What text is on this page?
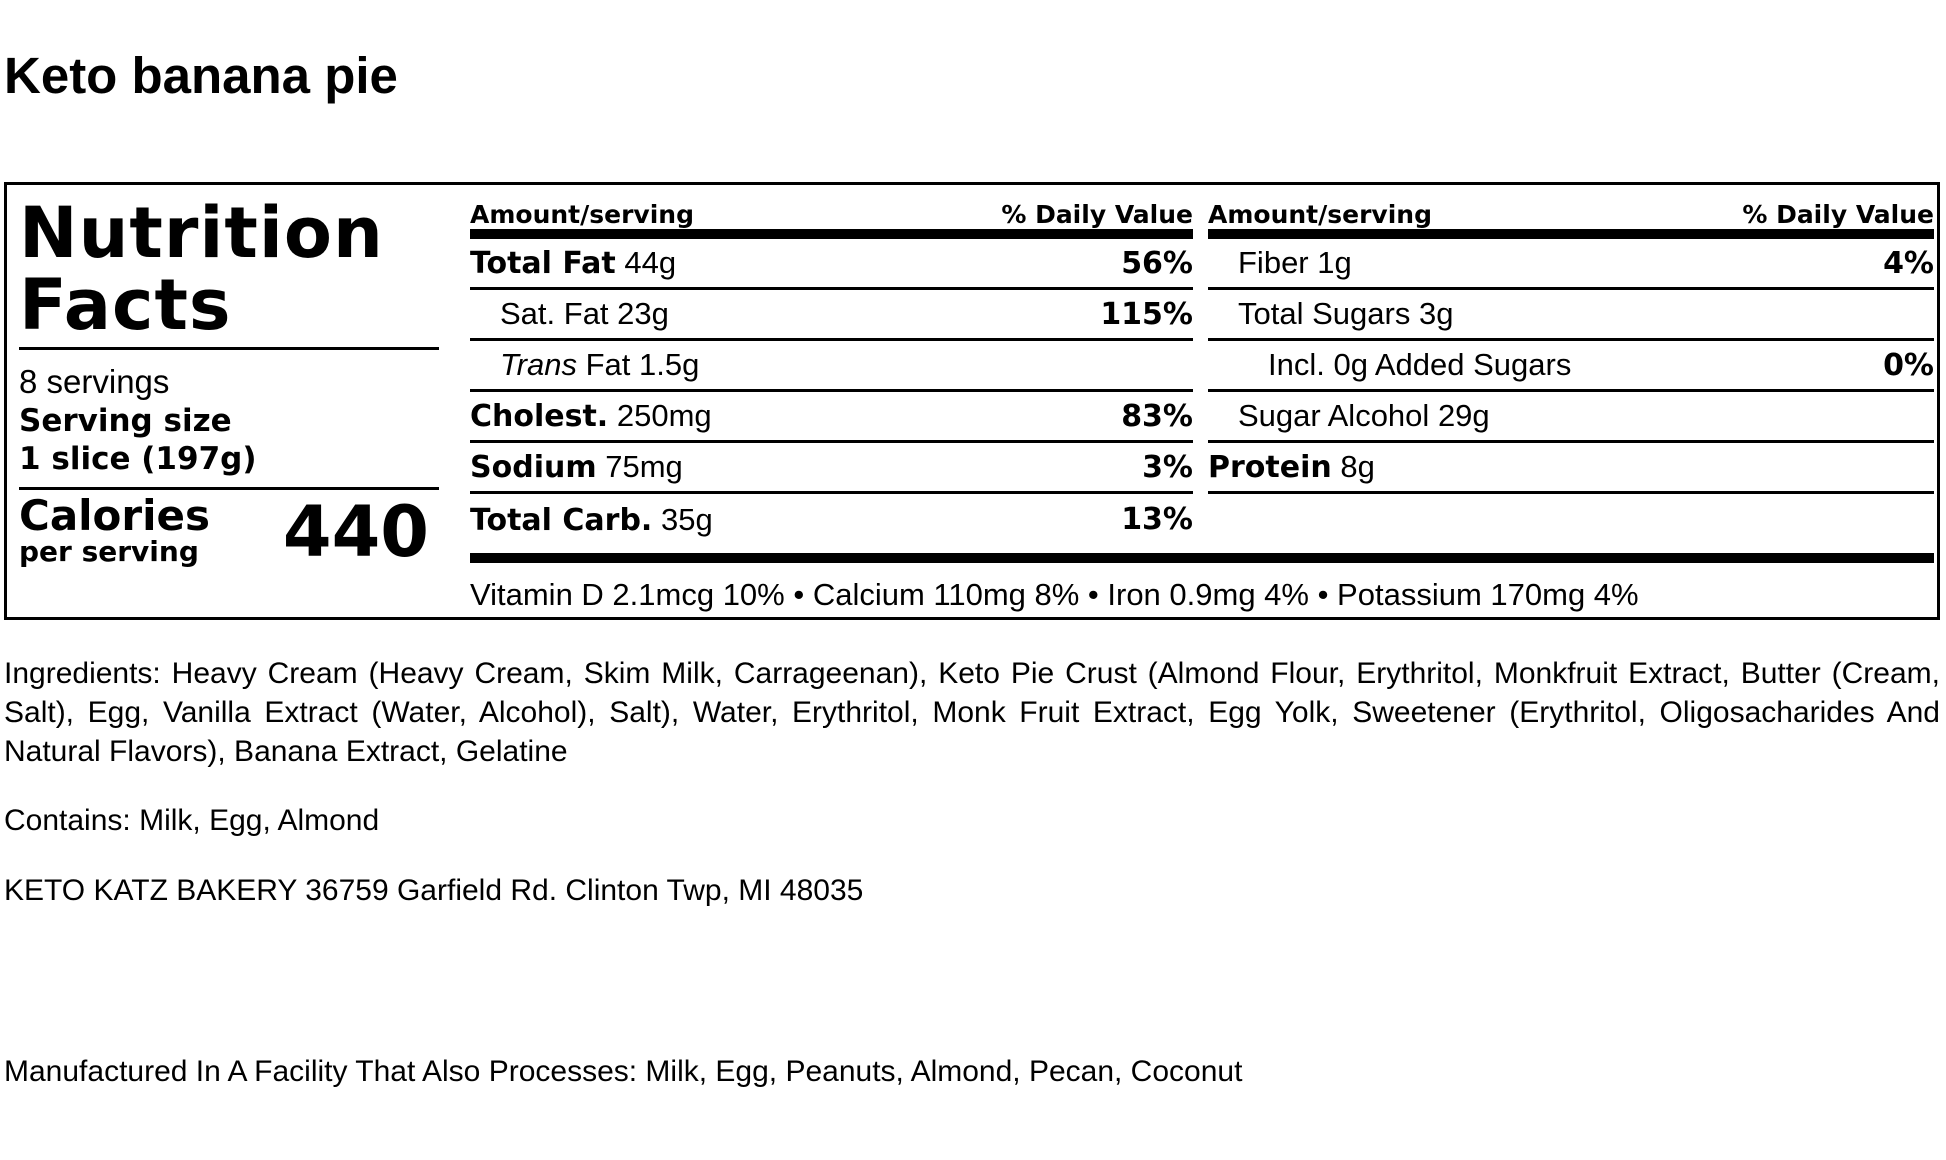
Keto banana pie
Nutrition
Facts
8 servings
Serving size
1 slice (197g)
Calories
per serving 440
Amount/serving	% Daily Value
Total Fat 44g	56%
Sat. Fat 23g	115%
Trans Fat 1.5g
Cholest. 250mg	83%
Sodium 75mg	3%
Total Carb. 35g	13%
Amount/serving	% Daily Value
Fiber 1g	4%
Total Sugars 3g
Incl. 0g Added Sugars	0%
Sugar Alcohol 29g
Protein 8g
Vitamin D 2.1mcg 10% • Calcium 110mg 8% • Iron 0.9mg 4% • Potassium 170mg 4%

Ingredients: Heavy Cream (Heavy Cream, Skim Milk, Carrageenan), Keto Pie Crust (Almond Flour, Erythritol, Monkfruit Extract, Butter (Cream, Salt), Egg, Vanilla Extract (Water, Alcohol), Salt), Water, Erythritol, Monk Fruit Extract, Egg Yolk, Sweetener (Erythritol, Oligosacharides And Natural Flavors), Banana Extract, Gelatine

Contains: Milk, Egg, Almond

KETO KATZ BAKERY 36759 Garfield Rd. Clinton Twp, MI 48035

Manufactured In A Facility That Also Processes: Milk, Egg, Peanuts, Almond, Pecan, Coconut
